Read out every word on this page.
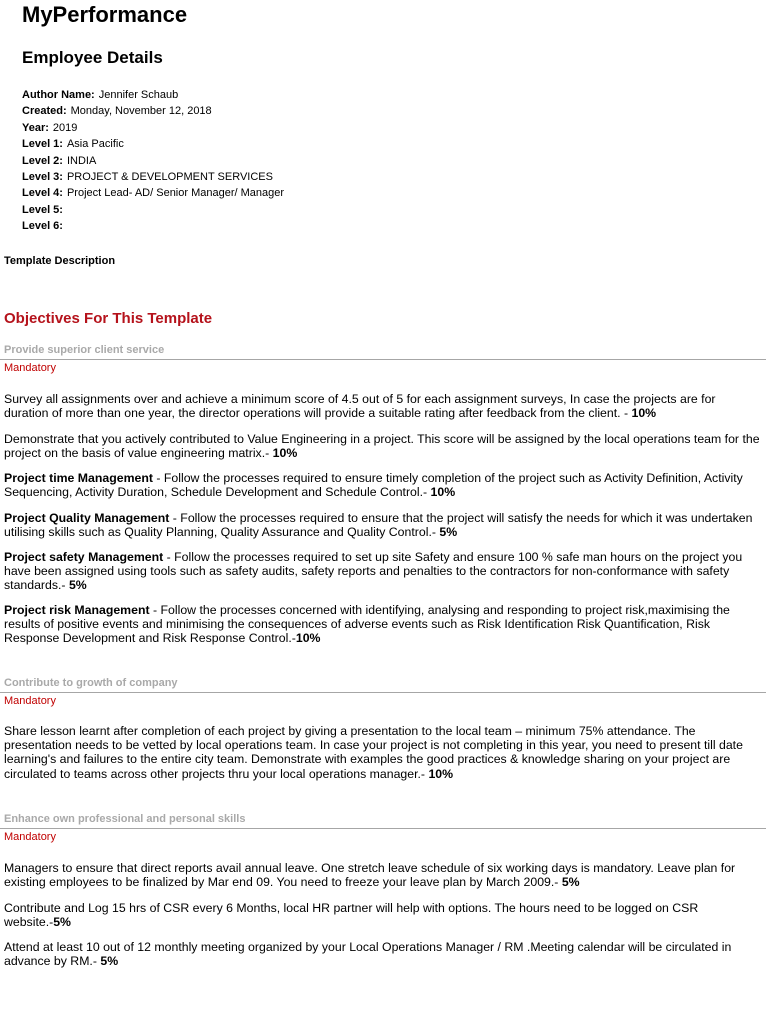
MyPerformance
Employee Details
Author Name: Jennifer Schaub
Created: Monday, November 12, 2018
Year: 2019
Level 1: Asia Pacific
Level 2: INDIA
Level 3: PROJECT & DEVELOPMENT SERVICES
Level 4: Project Lead- AD/ Senior Manager/ Manager
Level 5:
Level 6:
Template Description
Objectives For This Template
Provide superior client service
Mandatory
Survey all assignments over and achieve a minimum score of 4.5 out of 5 for each assignment surveys, In case the projects are for duration of more than one year, the director operations will provide a suitable rating after feedback from the client. - 10%
Demonstrate that you actively contributed to Value Engineering in a project. This score will be assigned by the local operations team for the project on the basis of value engineering matrix.- 10%
Project time Management - Follow the processes required to ensure timely completion of the project such as Activity Definition, Activity Sequencing, Activity Duration, Schedule Development and Schedule Control.- 10%
Project Quality Management - Follow the processes required to ensure that the project will satisfy the needs for which it was undertaken utilising skills such as Quality Planning, Quality Assurance and Quality Control.- 5%
Project safety Management - Follow the processes required to set up site Safety and ensure 100 % safe man hours on the project you have been assigned using tools such as safety audits, safety reports and penalties to the contractors for non-conformance with safety standards.- 5%
Project risk Management - Follow the processes concerned with identifying, analysing and responding to project risk,maximising the results of positive events and minimising the consequences of adverse events such as Risk Identification Risk Quantification, Risk Response Development and Risk Response Control.-10%
Contribute to growth of company
Mandatory
Share lesson learnt after completion of each project by giving a presentation to the local team – minimum 75% attendance. The presentation needs to be vetted by local operations team. In case your project is not completing in this year, you need to present till date learning's and failures to the entire city team. Demonstrate with examples the good practices & knowledge sharing on your project are circulated to teams across other projects thru your local operations manager.- 10%
Enhance own professional and personal skills
Mandatory
Managers to ensure that direct reports avail annual leave. One stretch leave schedule of six working days is mandatory. Leave plan for existing employees to be finalized by Mar end 09. You need to freeze your leave plan by March 2009.- 5%
Contribute and Log 15 hrs of CSR every 6 Months, local HR partner will help with options. The hours need to be logged on CSR website.-5%
Attend at least 10 out of 12 monthly meeting organized by your Local Operations Manager / RM .Meeting calendar will be circulated in advance by RM.- 5%
